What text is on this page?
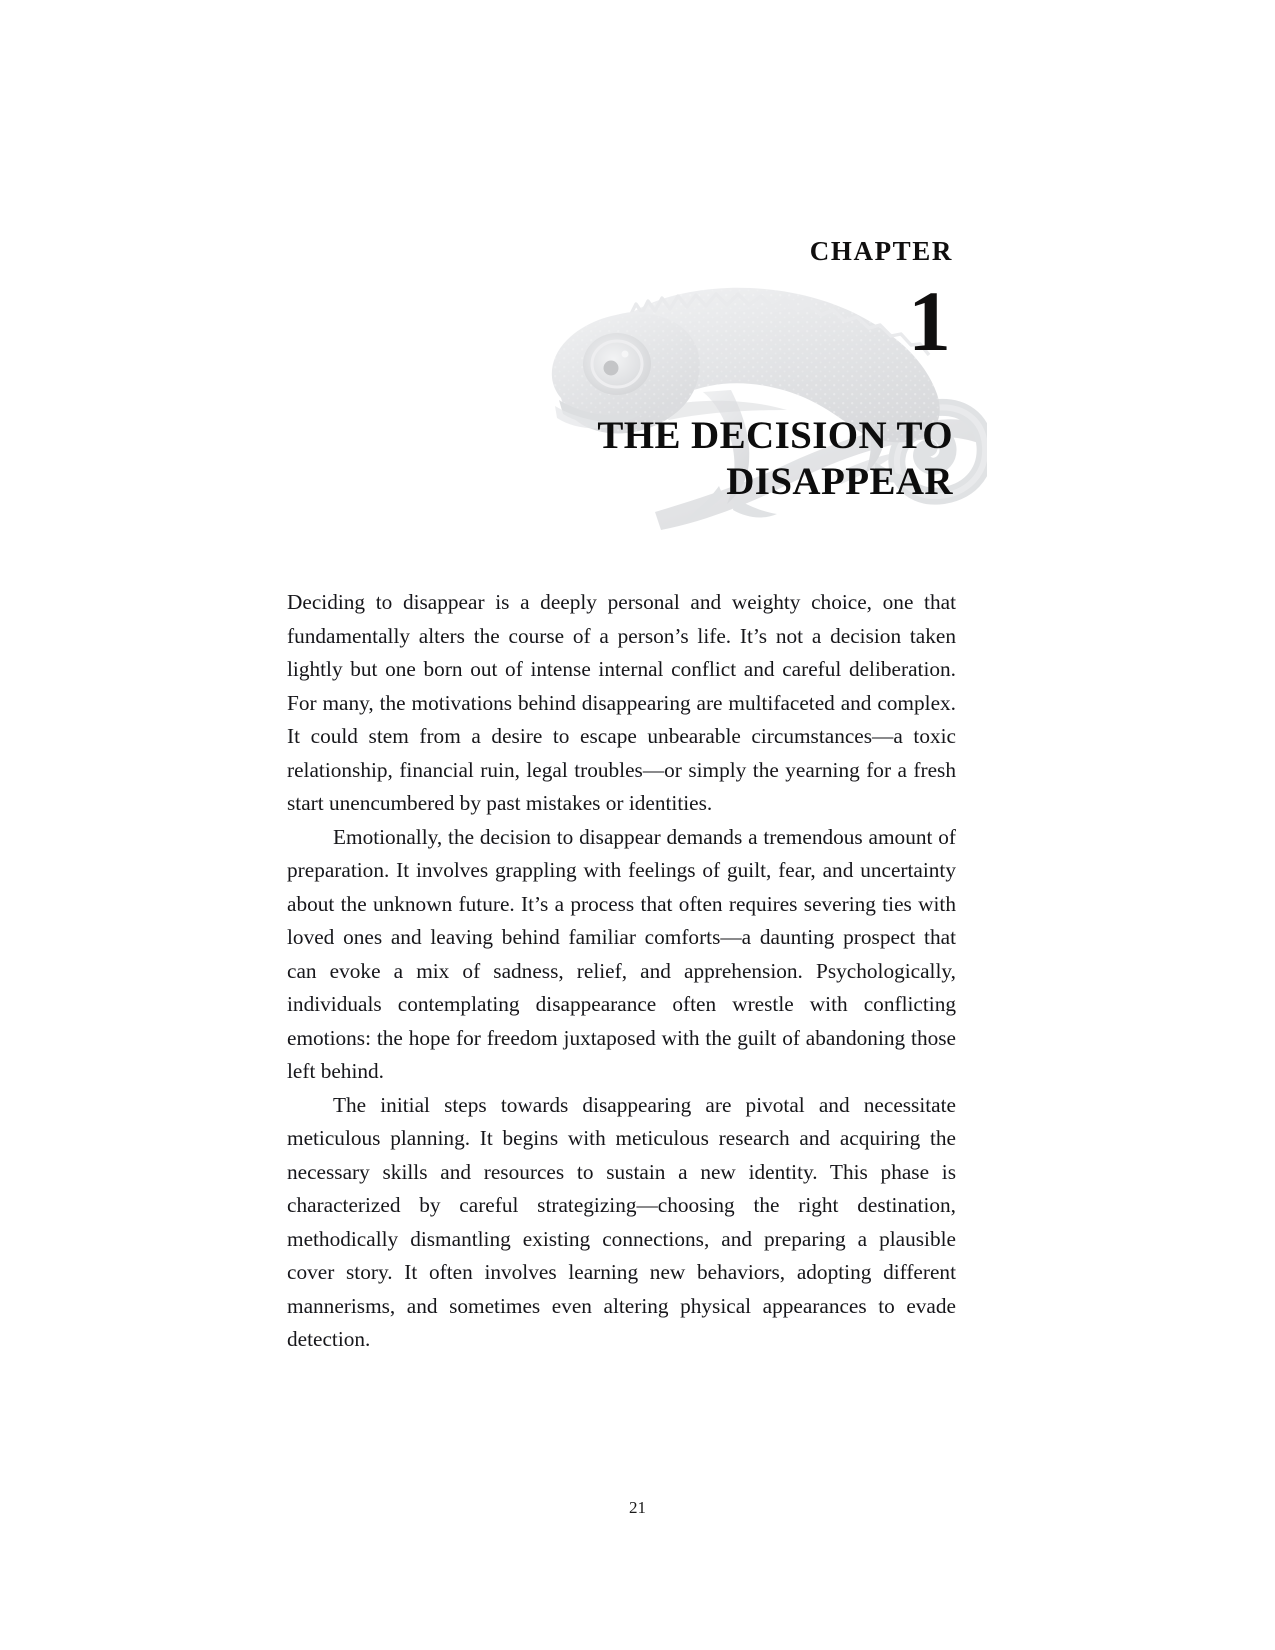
CHAPTER
1
THE DECISION TO DISAPPEAR

Deciding to disappear is a deeply personal and weighty choice, one that fundamentally alters the course of a person’s life. It’s not a decision taken lightly but one born out of intense internal conflict and careful deliberation. For many, the motivations behind disappearing are multifaceted and complex. It could stem from a desire to escape unbearable circumstances—a toxic relationship, financial ruin, legal troubles—or simply the yearning for a fresh start unencumbered by past mistakes or identities.

Emotionally, the decision to disappear demands a tremendous amount of preparation. It involves grappling with feelings of guilt, fear, and uncertainty about the unknown future. It’s a process that often requires severing ties with loved ones and leaving behind familiar comforts—a daunting prospect that can evoke a mix of sadness, relief, and apprehension. Psychologically, individuals contemplating disappearance often wrestle with conflicting emotions: the hope for freedom juxtaposed with the guilt of abandoning those left behind.

The initial steps towards disappearing are pivotal and necessitate meticulous planning. It begins with meticulous research and acquiring the necessary skills and resources to sustain a new identity. This phase is characterized by careful strategizing—choosing the right destination, methodically dismantling existing connections, and preparing a plausible cover story. It often involves learning new behaviors, adopting different mannerisms, and sometimes even altering physical appearances to evade detection.

21
